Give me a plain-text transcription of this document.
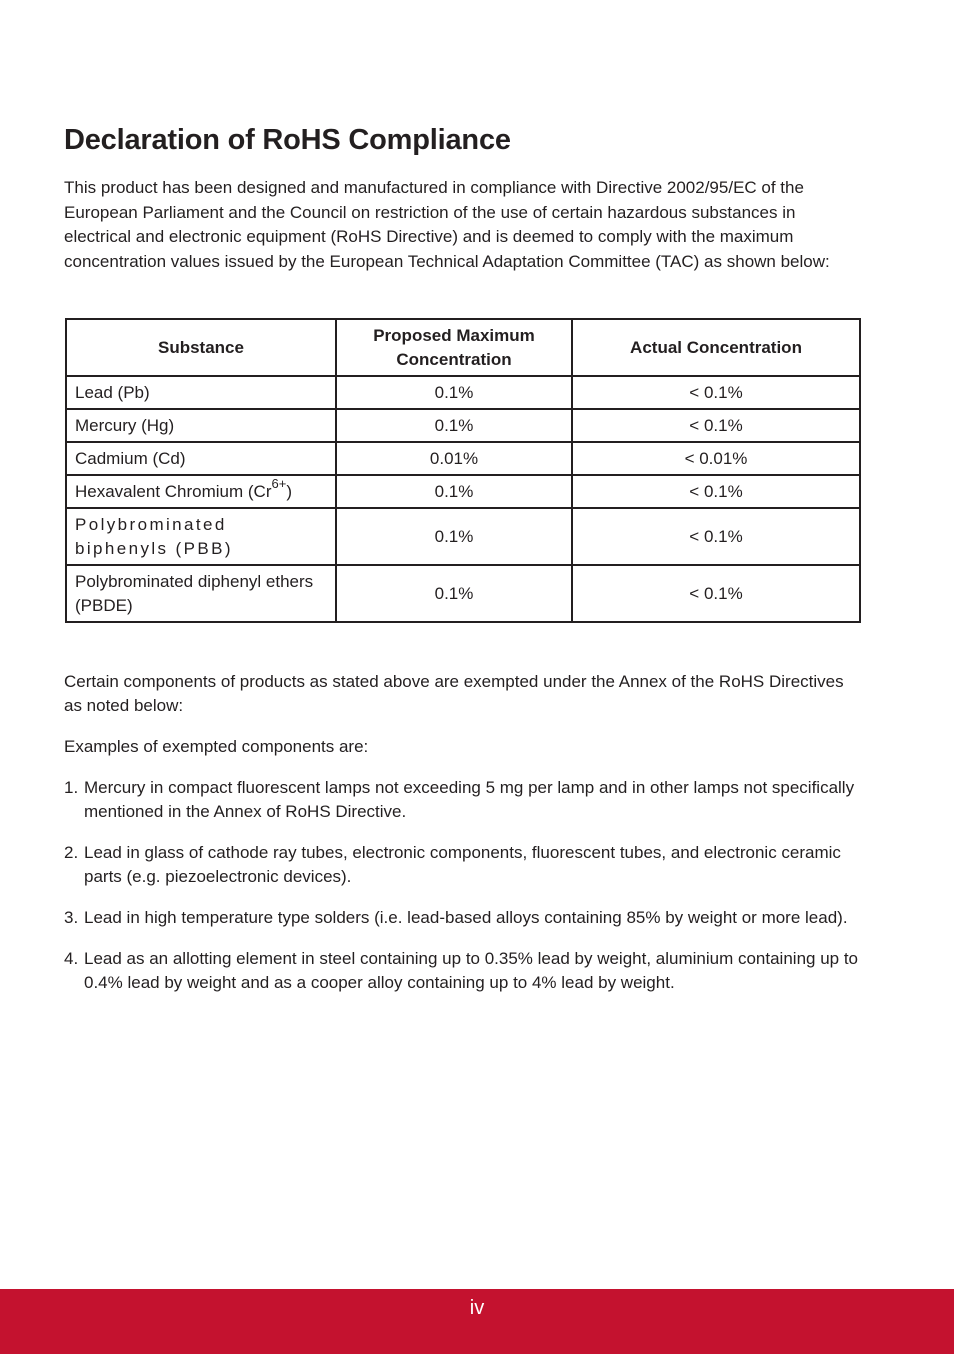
Declaration of RoHS Compliance

This product has been designed and manufactured in compliance with Directive 2002/95/EC of the European Parliament and the Council on restriction of the use of certain hazardous substances in electrical and electronic equipment (RoHS Directive) and is deemed to comply with the maximum concentration values issued by the European Technical Adaptation Committee (TAC) as shown below:

Substance	Proposed Maximum Concentration	Actual Concentration
Lead (Pb)	0.1%	< 0.1%
Mercury (Hg)	0.1%	< 0.1%
Cadmium (Cd)	0.01%	< 0.01%
Hexavalent Chromium $(Cr^{6+})$	0.1%	< 0.1%
Polybrominated biphenyls (PBB)	0.1%	< 0.1%
Polybrominated diphenyl ethers (PBDE)	0.1%	< 0.1%

Certain components of products as stated above are exempted under the Annex of the RoHS Directives as noted below:

Examples of exempted components are:

1. Mercury in compact fluorescent lamps not exceeding 5 mg per lamp and in other lamps not specifically mentioned in the Annex of RoHS Directive.
2. Lead in glass of cathode ray tubes, electronic components, fluorescent tubes, and electronic ceramic parts (e.g. piezoelectronic devices).
3. Lead in high temperature type solders (i.e. lead-based alloys containing 85% by weight or more lead).
4. Lead as an allotting element in steel containing up to 0.35% lead by weight, aluminium containing up to 0.4% lead by weight and as a cooper alloy containing up to 4% lead by weight.
iv
